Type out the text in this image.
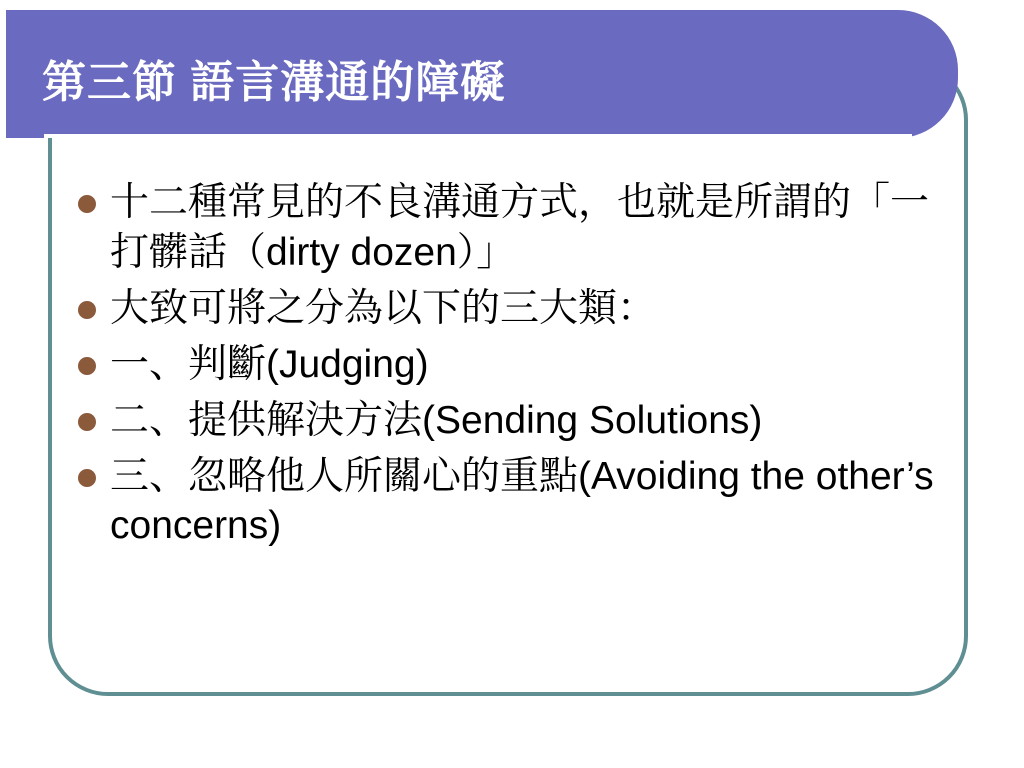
第三節 語言溝通的障礙
十二種常見的不良溝通方式，也就是所謂的「一打髒話（dirty dozen）」
大致可將之分為以下的三大類：
一、判斷(Judging)
二、提供解決方法(Sending Solutions)
三、忽略他人所關心的重點(Avoiding the other’s concerns)
